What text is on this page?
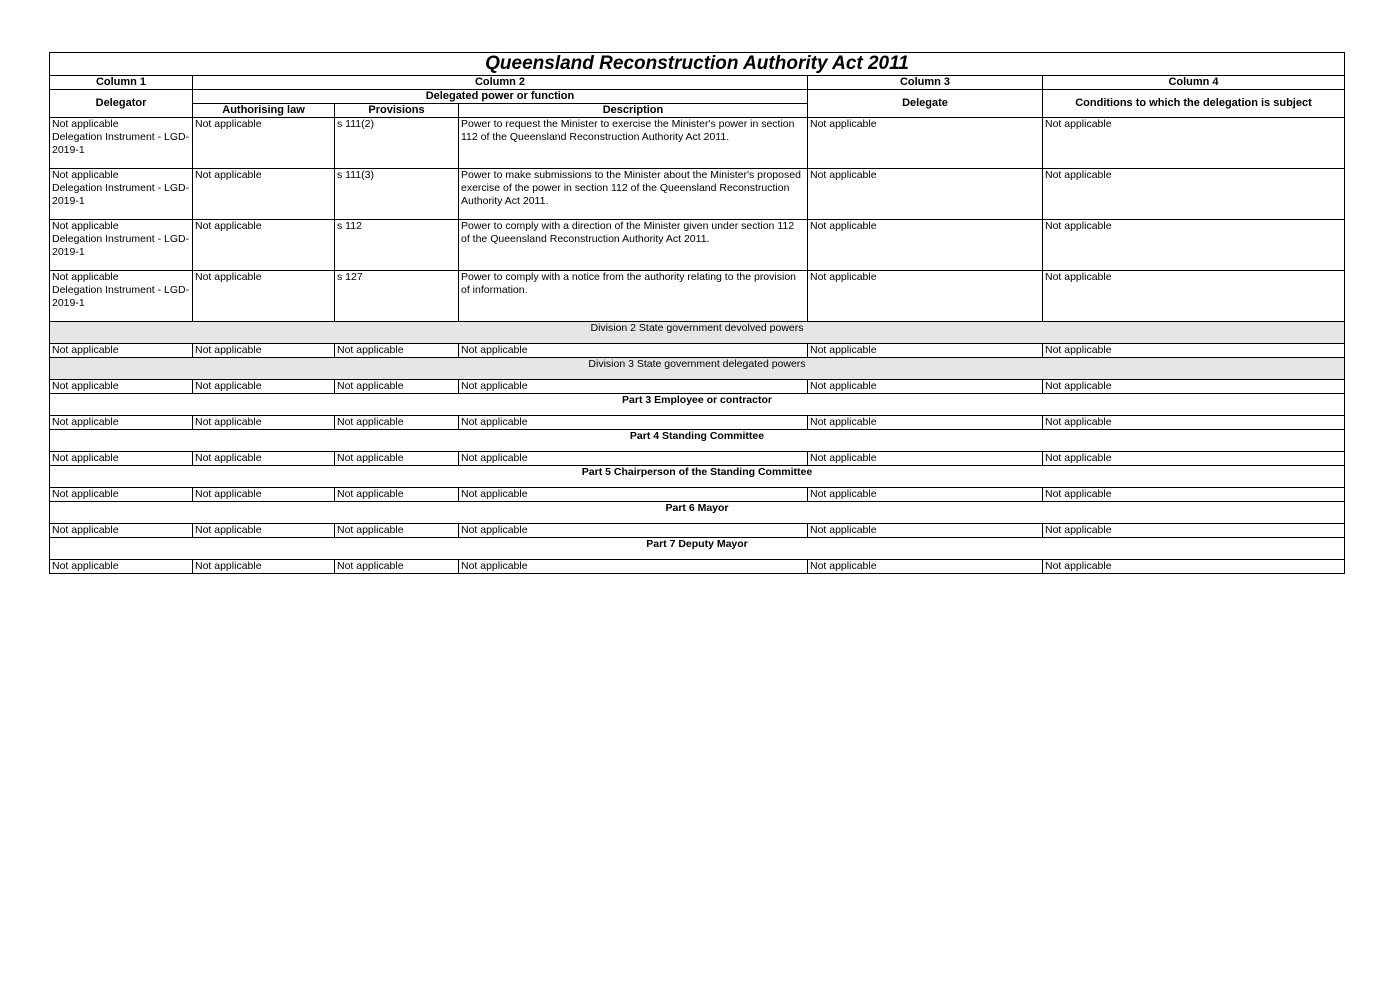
Queensland Reconstruction Authority Act 2011					
Column 1	Column 2			Column 3	Column 4
Delegator	Delegated power or function			Delegate	Conditions to which the delegation is subject
	Authorising law	Provisions	Description		
Not applicable
Delegation Instrument - LGD-
2019-1	Not applicable	s 111(2)	Power to request the Minister to exercise the Minister's power in section 112 of the Queensland Reconstruction Authority Act 2011.	Not applicable	Not applicable
Not applicable
Delegation Instrument - LGD-
2019-1	Not applicable	s 111(3)	Power to make submissions to the Minister about the Minister's proposed exercise of the power in section 112 of the Queensland Reconstruction Authority Act 2011.	Not applicable	Not applicable
Not applicable
Delegation Instrument - LGD-
2019-1	Not applicable	s 112	Power to comply with a direction of the Minister given under section 112 of the Queensland Reconstruction Authority Act 2011.	Not applicable	Not applicable
Not applicable
Delegation Instrument - LGD-
2019-1	Not applicable	s 127	Power to comply with a notice from the authority relating to the provision of information.	Not applicable	Not applicable
Division 2 State government devolved powers					
Not applicable	Not applicable	Not applicable	Not applicable	Not applicable	Not applicable
Division 3 State government delegated powers					
Not applicable	Not applicable	Not applicable	Not applicable	Not applicable	Not applicable
Part 3 Employee or contractor					
Not applicable	Not applicable	Not applicable	Not applicable	Not applicable	Not applicable
Part 4 Standing Committee					
Not applicable	Not applicable	Not applicable	Not applicable	Not applicable	Not applicable
Part 5 Chairperson of the Standing Committee					
Not applicable	Not applicable	Not applicable	Not applicable	Not applicable	Not applicable
Part 6 Mayor					
Not applicable	Not applicable	Not applicable	Not applicable	Not applicable	Not applicable
Part 7 Deputy Mayor					
Not applicable	Not applicable	Not applicable	Not applicable	Not applicable	Not applicable
